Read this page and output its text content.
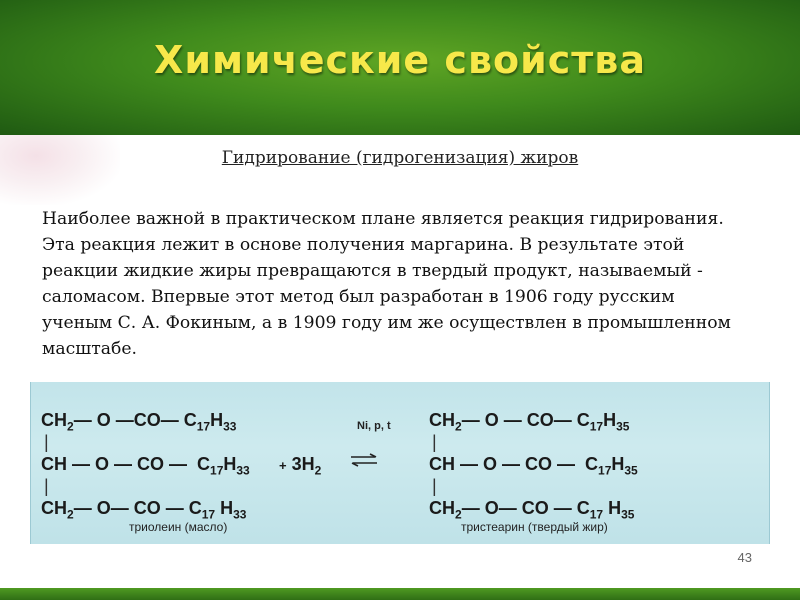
Химические свойства
Гидрирование (гидрогенизация) жиров
Наиболее важной в практическом плане является реакция гидрирования. Эта реакция лежит в основе получения маргарина. В результате этой реакции жидкие жиры превращаются в твердый продукт, называемый - саломасом. Впервые этот метод был разработан в 1906 году русским ученым С. А. Фокиным, а в 1909 году им же осуществлен в промышленном масштабе.
$CH_2—$ O —CO— $C_{17}H_{33}$
|
CH — O — CO —  $C_{17}H_{33}$
|
$CH_2—$ O— CO — $C_{17}$ $H_{33}$
триолеин (масло)
Ni, p, t
+ $3H_2$
$CH_2—$ O — CO— $C_{17}H_{35}$
|
CH — O — CO —  $C_{17}H_{35}$
|
$CH_2—$ O— CO — $C_{17}$ $H_{35}$
тристеарин (твердый жир)
43
